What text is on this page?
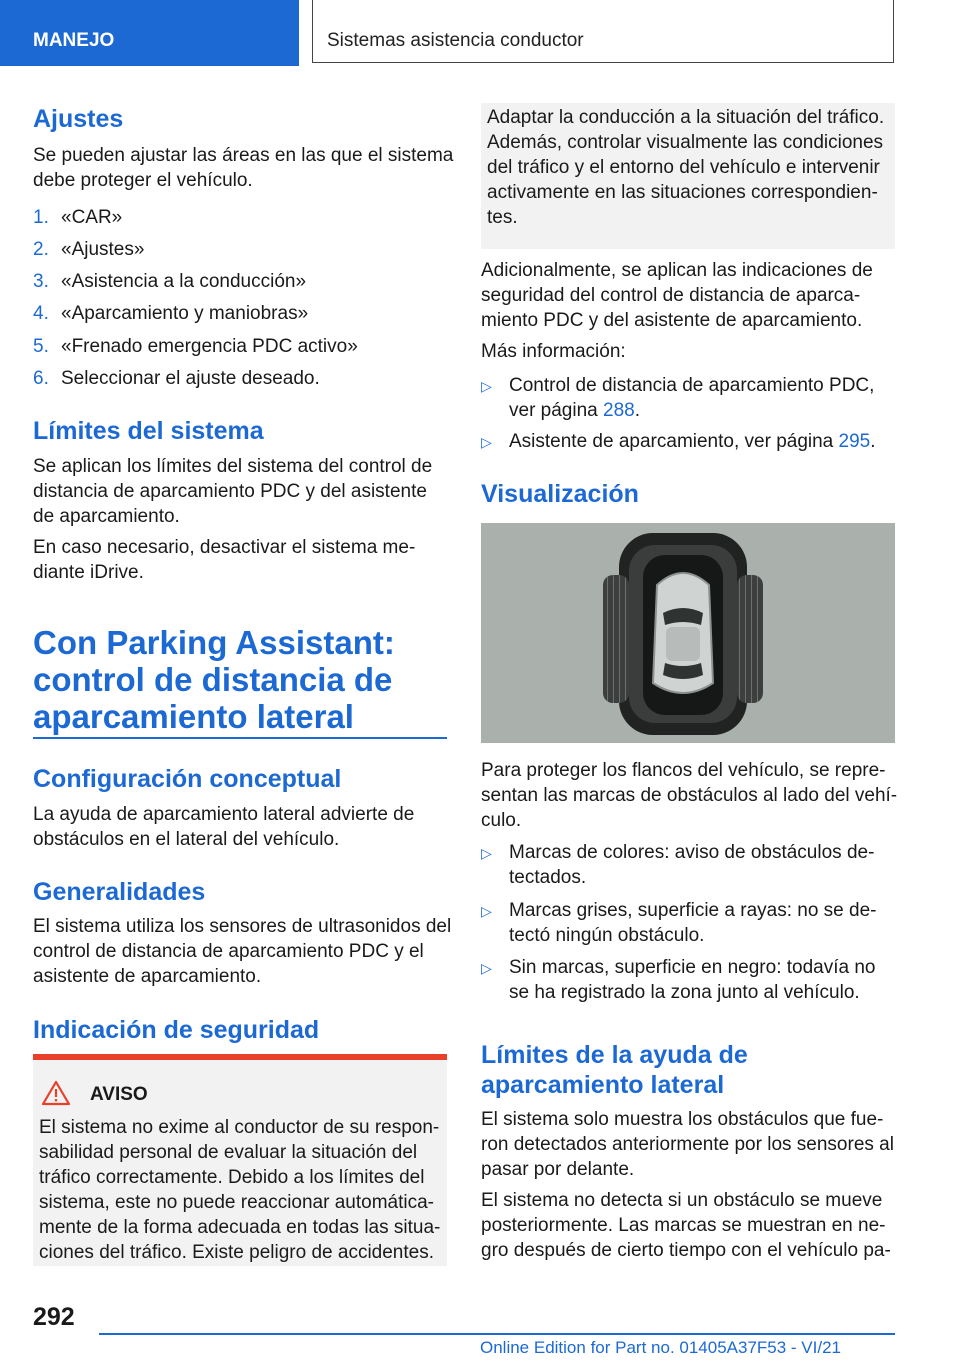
MANEJO	Sistemas asistencia conductor
Ajustes
Se pueden ajustar las áreas en las que el sistema
debe proteger el vehículo.
1. «CAR»
2. «Ajustes»
3. «Asistencia a la conducción»
4. «Aparcamiento y maniobras»
5. «Frenado emergencia PDC activo»
6. Seleccionar el ajuste deseado.
Límites del sistema
Se aplican los límites del sistema del control de
distancia de aparcamiento PDC y del asistente
de aparcamiento.
En caso necesario, desactivar el sistema me-
diante iDrive.
Con Parking Assistant:
control de distancia de
aparcamiento lateral
Configuración conceptual
La ayuda de aparcamiento lateral advierte de
obstáculos en el lateral del vehículo.
Generalidades
El sistema utiliza los sensores de ultrasonidos del
control de distancia de aparcamiento PDC y el
asistente de aparcamiento.
Indicación de seguridad
AVISO
El sistema no exime al conductor de su respon-
sabilidad personal de evaluar la situación del
tráfico correctamente. Debido a los límites del
sistema, este no puede reaccionar automática-
mente de la forma adecuada en todas las situa-
ciones del tráfico. Existe peligro de accidentes.
Adaptar la conducción a la situación del tráfico.
Además, controlar visualmente las condiciones
del tráfico y el entorno del vehículo e intervenir
activamente en las situaciones correspondien-
tes.
Adicionalmente, se aplican las indicaciones de
seguridad del control de distancia de aparca-
miento PDC y del asistente de aparcamiento.
Más información:
▷ Control de distancia de aparcamiento PDC,
ver página 288.
▷ Asistente de aparcamiento, ver página 295.
Visualización
Para proteger los flancos del vehículo, se repre-
sentan las marcas de obstáculos al lado del vehí-
culo.
▷ Marcas de colores: aviso de obstáculos de-
tectados.
▷ Marcas grises, superficie a rayas: no se de-
tectó ningún obstáculo.
▷ Sin marcas, superficie en negro: todavía no
se ha registrado la zona junto al vehículo.
Límites de la ayuda de
aparcamiento lateral
El sistema solo muestra los obstáculos que fue-
ron detectados anteriormente por los sensores al
pasar por delante.
El sistema no detecta si un obstáculo se mueve
posteriormente. Las marcas se muestran en ne-
gro después de cierto tiempo con el vehículo pa-
292
Online Edition for Part no. 01405A37F53 - VI/21
